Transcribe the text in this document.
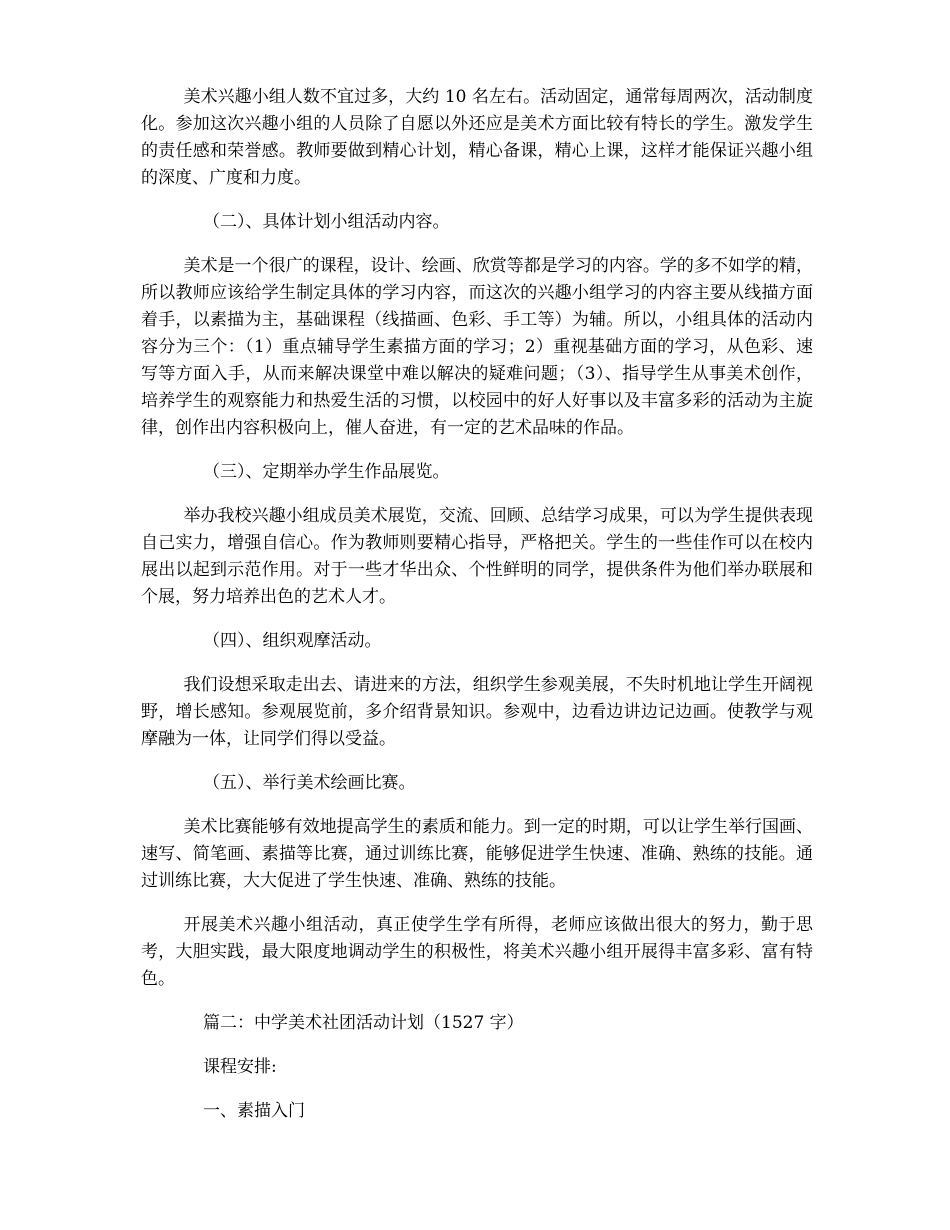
美术兴趣小组人数不宜过多，大约 10 名左右。活动固定，通常每周两次，活动制度化。参加这次兴趣小组的人员除了自愿以外还应是美术方面比较有特长的学生。激发学生的责任感和荣誉感。教师要做到精心计划，精心备课，精心上课，这样才能保证兴趣小组的深度、广度和力度。

（二）、具体计划小组活动内容。

美术是一个很广的课程，设计、绘画、欣赏等都是学习的内容。学的多不如学的精，所以教师应该给学生制定具体的学习内容，而这次的兴趣小组学习的内容主要从线描方面着手，以素描为主，基础课程（线描画、色彩、手工等）为辅。所以，小组具体的活动内容分为三个：（1）重点辅导学生素描方面的学习；2）重视基础方面的学习，从色彩、速写等方面入手，从而来解决课堂中难以解决的疑难问题；（3）、指导学生从事美术创作，培养学生的观察能力和热爱生活的习惯，以校园中的好人好事以及丰富多彩的活动为主旋律，创作出内容积极向上，催人奋进，有一定的艺术品味的作品。

（三）、定期举办学生作品展览。

举办我校兴趣小组成员美术展览，交流、回顾、总结学习成果，可以为学生提供表现自己实力，增强自信心。作为教师则要精心指导，严格把关。学生的一些佳作可以在校内展出以起到示范作用。对于一些才华出众、个性鲜明的同学，提供条件为他们举办联展和个展，努力培养出色的艺术人才。

（四）、组织观摩活动。

我们设想采取走出去、请进来的方法，组织学生参观美展，不失时机地让学生开阔视野，增长感知。参观展览前，多介绍背景知识。参观中，边看边讲边记边画。使教学与观摩融为一体，让同学们得以受益。

（五）、举行美术绘画比赛。

美术比赛能够有效地提高学生的素质和能力。到一定的时期，可以让学生举行国画、速写、简笔画、素描等比赛，通过训练比赛，能够促进学生快速、准确、熟练的技能。通过训练比赛，大大促进了学生快速、准确、熟练的技能。

开展美术兴趣小组活动，真正使学生学有所得，老师应该做出很大的努力，勤于思考，大胆实践，最大限度地调动学生的积极性，将美术兴趣小组开展得丰富多彩、富有特色。

篇二：中学美术社团活动计划（1527 字）

课程安排:

一、素描入门
